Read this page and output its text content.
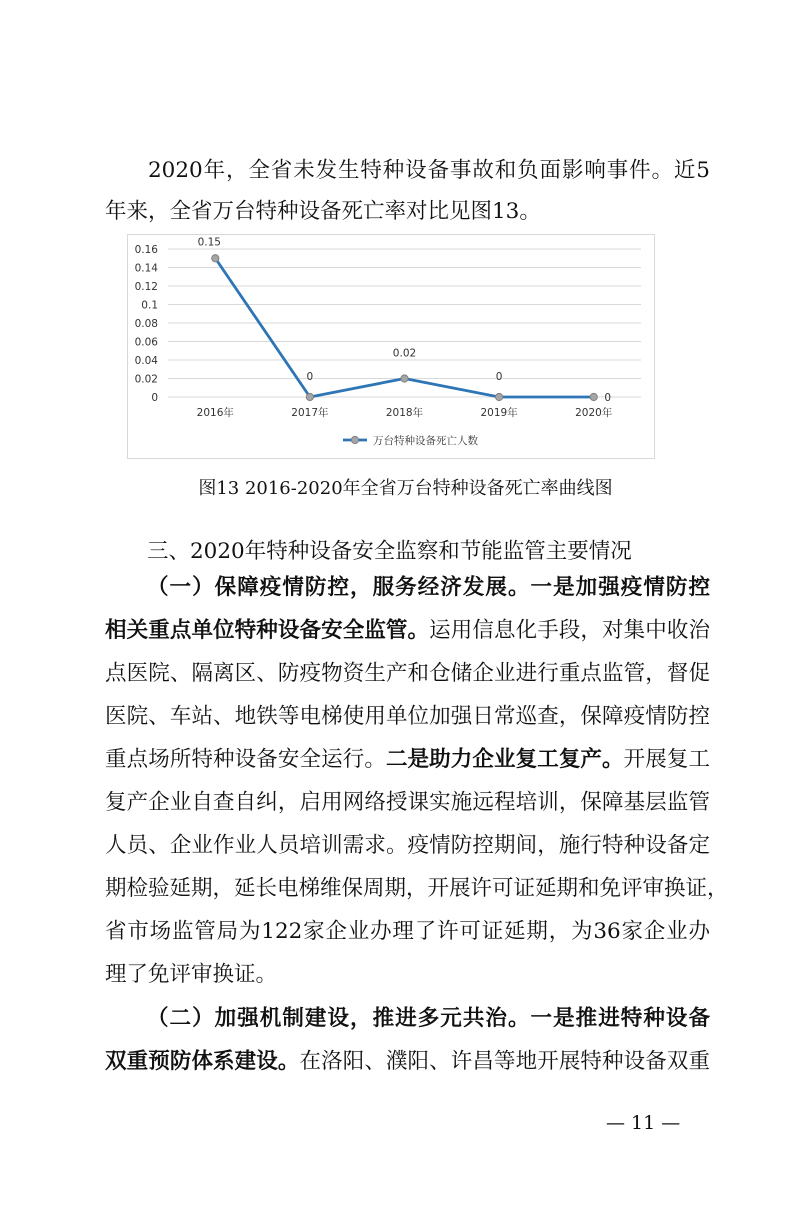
2020年，全省未发生特种设备事故和负面影响事件。近5
年来，全省万台特种设备死亡率对比见图13。
0
0.02
0.04
0.06
0.08
0.1
0.12
0.14
0.16
2016年	2017年	2018年	2019年	2020年
0.15
0
0.02
0
0
万台特种设备死亡人数
图13 2016-2020年全省万台特种设备死亡率曲线图
三、2020年特种设备安全监察和节能监管主要情况
（一）保障疫情防控，服务经济发展。一是加强疫情防控
相关重点单位特种设备安全监管。运用信息化手段，对集中收治
点医院、隔离区、防疫物资生产和仓储企业进行重点监管，督促
医院、车站、地铁等电梯使用单位加强日常巡查，保障疫情防控
重点场所特种设备安全运行。二是助力企业复工复产。开展复工
复产企业自查自纠，启用网络授课实施远程培训，保障基层监管
人员、企业作业人员培训需求。疫情防控期间，施行特种设备定
期检验延期，延长电梯维保周期，开展许可证延期和免评审换证，
省市场监管局为122家企业办理了许可证延期，为36家企业办
理了免评审换证。
（二）加强机制建设，推进多元共治。一是推进特种设备
双重预防体系建设。在洛阳、濮阳、许昌等地开展特种设备双重
— 11 —
